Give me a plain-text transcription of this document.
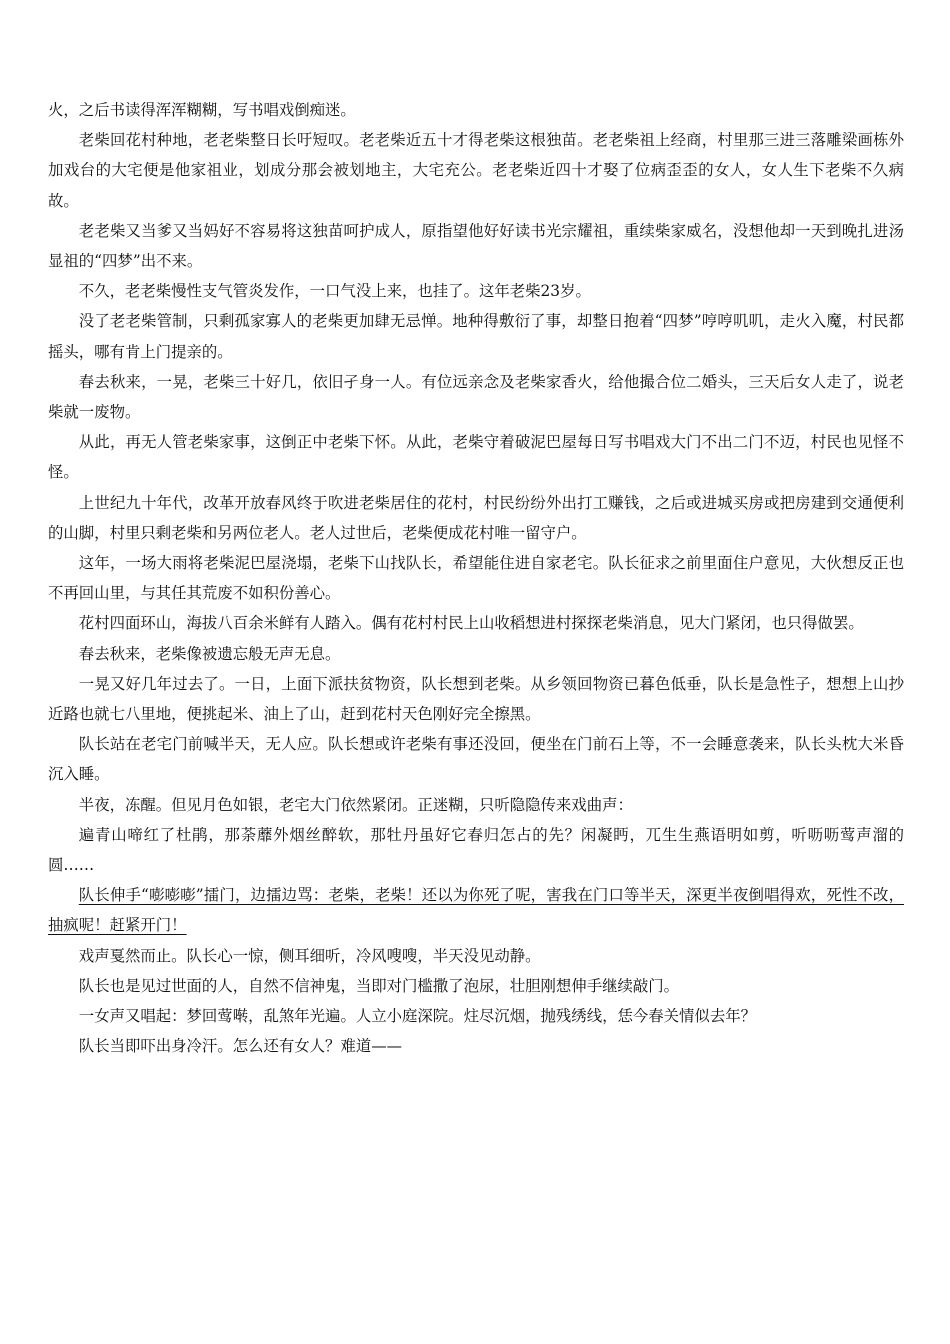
火，之后书读得浑浑糊糊，写书唱戏倒痴迷。

老柴回花村种地，老老柴整日长吁短叹。老老柴近五十才得老柴这根独苗。老老柴祖上经商，村里那三进三落雕梁画栋外加戏台的大宅便是他家祖业，划成分那会被划地主，大宅充公。老老柴近四十才娶了位病歪歪的女人，女人生下老柴不久病故。

老老柴又当爹又当妈好不容易将这独苗呵护成人，原指望他好好读书光宗耀祖，重续柴家威名，没想他却一天到晚扎进汤显祖的“四梦”出不来。

不久，老老柴慢性支气管炎发作，一口气没上来，也挂了。这年老柴23岁。

没了老老柴管制，只剩孤家寡人的老柴更加肆无忌惮。地种得敷衍了事，却整日抱着“四梦”哼哼叽叽，走火入魔，村民都摇头，哪有肯上门提亲的。

春去秋来，一晃，老柴三十好几，依旧孑身一人。有位远亲念及老柴家香火，给他撮合位二婚头，三天后女人走了，说老柴就一废物。

从此，再无人管老柴家事，这倒正中老柴下怀。从此，老柴守着破泥巴屋每日写书唱戏大门不出二门不迈，村民也见怪不怪。

上世纪九十年代，改革开放春风终于吹进老柴居住的花村，村民纷纷外出打工赚钱，之后或进城买房或把房建到交通便利的山脚，村里只剩老柴和另两位老人。老人过世后，老柴便成花村唯一留守户。

这年，一场大雨将老柴泥巴屋浇塌，老柴下山找队长，希望能住进自家老宅。队长征求之前里面住户意见，大伙想反正也不再回山里，与其任其荒废不如积份善心。

花村四面环山，海拔八百余米鲜有人踏入。偶有花村村民上山收稻想进村探探老柴消息，见大门紧闭，也只得做罢。

春去秋来，老柴像被遗忘般无声无息。

一晃又好几年过去了。一日，上面下派扶贫物资，队长想到老柴。从乡领回物资已暮色低垂，队长是急性子，想想上山抄近路也就七八里地，便挑起米、油上了山，赶到花村天色刚好完全擦黑。

队长站在老宅门前喊半天，无人应。队长想或许老柴有事还没回，便坐在门前石上等，不一会睡意袭来，队长头枕大米昏沉入睡。

半夜，冻醒。但见月色如银，老宅大门依然紧闭。正迷糊，只听隐隐传来戏曲声：

遍青山啼红了杜鹃，那荼蘼外烟丝醉软，那牡丹虽好它春归怎占的先？闲凝眄，兀生生燕语明如剪，听呖呖莺声溜的圆……

队长伸手“嘭嘭嘭”擂门，边擂边骂：老柴，老柴！还以为你死了呢，害我在门口等半天，深更半夜倒唱得欢，死性不改，抽疯呢！赶紧开门！

戏声戛然而止。队长心一惊，侧耳细听，冷风嗖嗖，半天没见动静。

队长也是见过世面的人，自然不信神鬼，当即对门槛撒了泡尿，壮胆刚想伸手继续敲门。

一女声又唱起：梦回莺啭，乱煞年光遍。人立小庭深院。炷尽沉烟，抛残绣线，恁今春关情似去年？

队长当即吓出身冷汗。怎么还有女人？难道——
